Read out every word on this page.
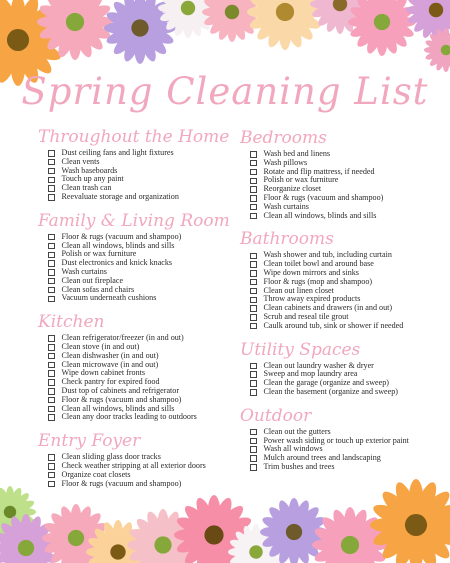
Spring Cleaning List
Throughout the Home
Dust ceiling fans and light fixtures
Clean vents
Wash baseboards
Touch up any paint
Clean trash can
Reevaluate storage and organization
Family & Living Room
Floor & rugs (vacuum and shampoo)
Clean all windows, blinds and sills
Polish or wax furniture
Dust electronics and knick knacks
Wash curtains
Clean out fireplace
Clean sofas and chairs
Vacuum underneath cushions
Kitchen
Clean refrigerator/freezer (in and out)
Clean stove (in and out)
Clean dishwasher (in and out)
Clean microwave (in and out)
Wipe down cabinet fronts
Check pantry for expired food
Dust top of cabinets and refrigerator
Floor & rugs (vacuum and shampoo)
Clean all windows, blinds and sills
Clean any door tracks leading to outdoors
Entry Foyer
Clean sliding glass door tracks
Check weather stripping at all exterior doors
Organize coat closets
Floor & rugs (vacuum and shampoo)
Bedrooms
Wash bed and linens
Wash pillows
Rotate and flip mattress, if needed
Polish or wax furniture
Reorganize closet
Floor & rugs (vacuum and shampoo)
Wash curtains
Clean all windows, blinds and sills
Bathrooms
Wash shower and tub, including curtain
Clean toilet bowl and around base
Wipe down mirrors and sinks
Floor & rugs (mop and shampoo)
Clean out linen closet
Throw away expired products
Clean cabinets and drawers (in and out)
Scrub and reseal tile grout
Caulk around tub, sink or shower if needed
Utility Spaces
Clean out laundry washer & dryer
Sweep and mop laundry area
Clean the garage (organize and sweep)
Clean the basement (organize and sweep)
Outdoor
Clean out the gutters
Power wash siding or touch up exterior paint
Wash all windows
Mulch around trees and landscaping
Trim bushes and trees
